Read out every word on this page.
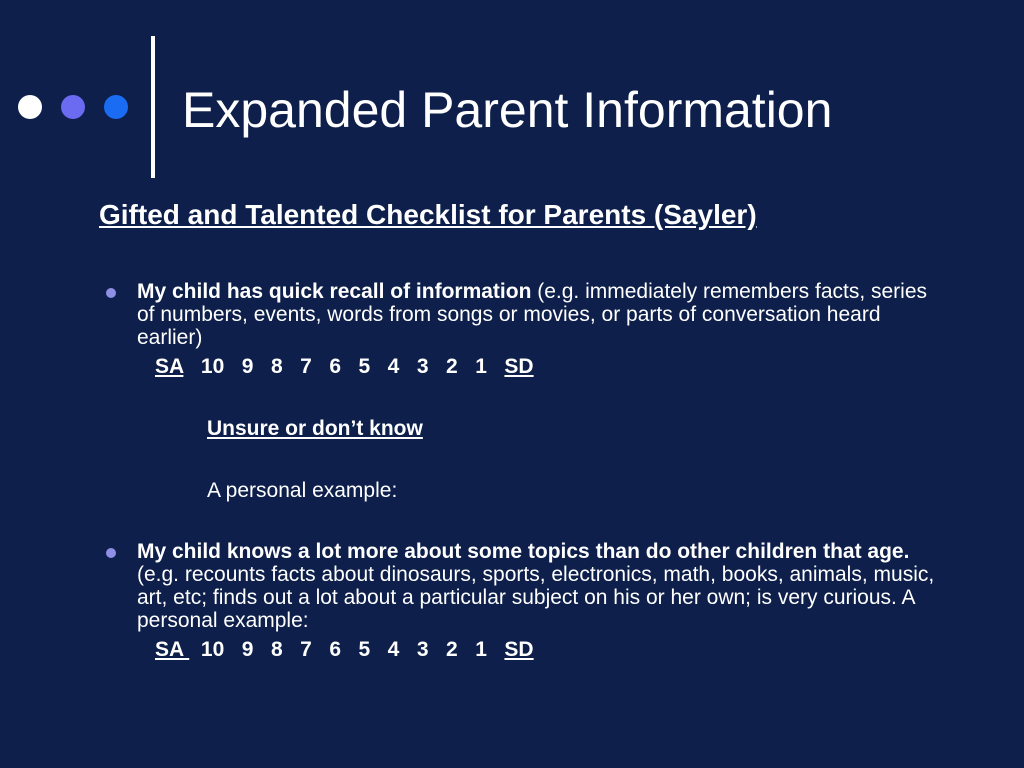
Expanded Parent Information
Gifted and Talented Checklist for Parents (Sayler)
My child has quick recall of information (e.g. immediately remembers facts, series of numbers, events, words from songs or movies, or parts of conversation heard earlier)
SA   10   9   8   7   6   5   4   3   2   1   SD
Unsure or don’t know
A personal example:
My child knows a lot more about some topics than do other children that age. (e.g. recounts facts about dinosaurs, sports, electronics, math, books, animals, music, art, etc; finds out a lot about a particular subject on his or her own; is very curious. A personal example:
SA   10   9   8   7   6   5   4   3   2   1   SD
